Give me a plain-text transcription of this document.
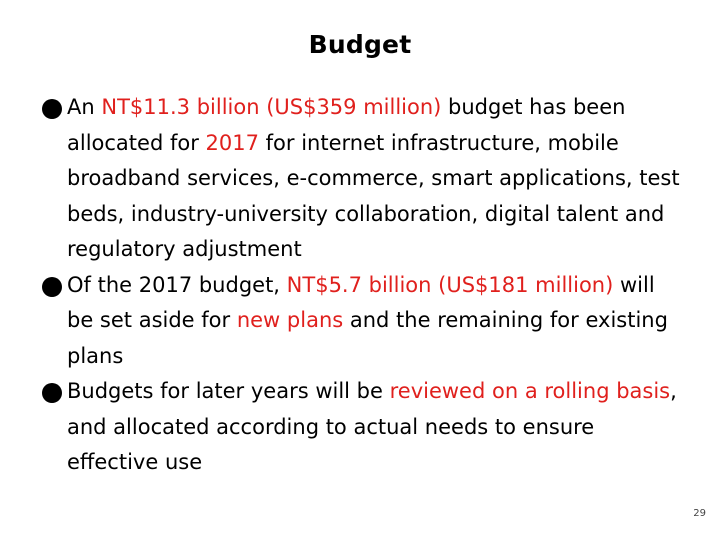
Budget
An NT$11.3 billion (US$359 million) budget has been allocated for 2017 for internet infrastructure, mobile broadband services, e-commerce, smart applications, test beds, industry-university collaboration, digital talent and regulatory adjustment
Of the 2017 budget, NT$5.7 billion (US$181 million) will be set aside for new plans and the remaining for existing plans
Budgets for later years will be reviewed on a rolling basis, and allocated according to actual needs to ensure effective use
29
